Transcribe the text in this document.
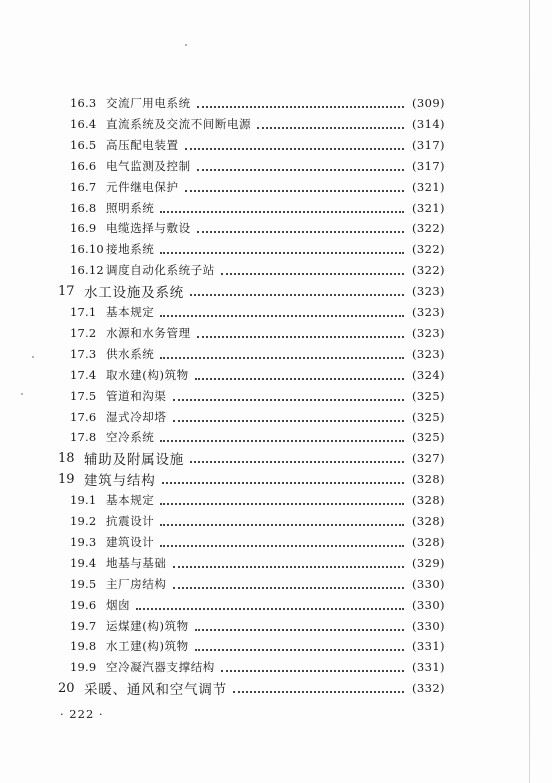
16.3 交流厂用电系统	(309)
16.4 直流系统及交流不间断电源	(314)
16.5 高压配电装置	(317)
16.6 电气监测及控制	(317)
16.7 元件继电保护	(321)
16.8 照明系统	(321)
16.9 电缆选择与敷设	(322)
16.10 接地系统	(322)
16.12 调度自动化系统子站	(322)
17 水工设施及系统	(323)
17.1 基本规定	(323)
17.2 水源和水务管理	(323)
17.3 供水系统	(323)
17.4 取水建(构)筑物	(324)
17.5 管道和沟渠	(325)
17.6 湿式冷却塔	(325)
17.8 空冷系统	(325)
18 辅助及附属设施	(327)
19 建筑与结构	(328)
19.1 基本规定	(328)
19.2 抗震设计	(328)
19.3 建筑设计	(328)
19.4 地基与基础	(329)
19.5 主厂房结构	(330)
19.6 烟囱	(330)
19.7 运煤建(构)筑物	(330)
19.8 水工建(构)筑物	(331)
19.9 空冷凝汽器支撑结构	(331)
20 采暖、通风和空气调节	(332)
· 222 ·
